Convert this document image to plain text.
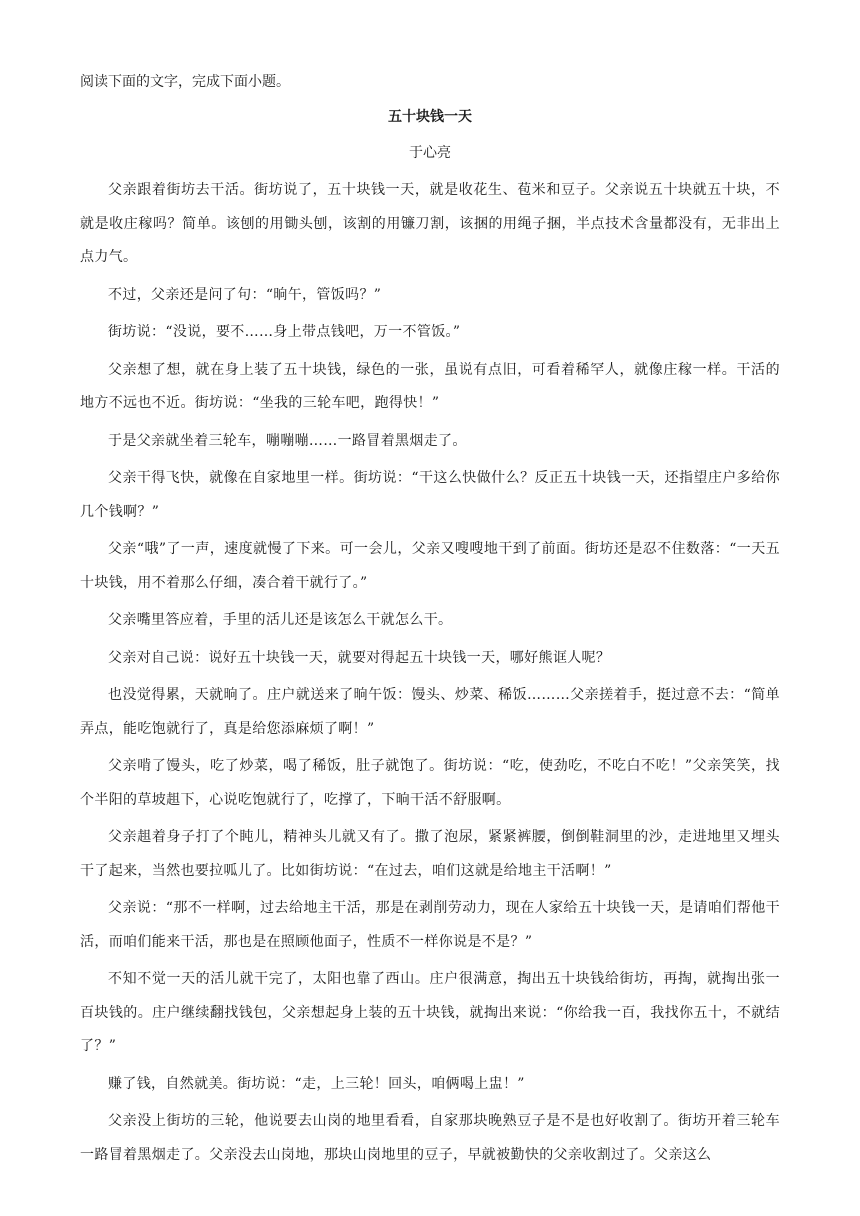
阅读下面的文字，完成下面小题。
五十块钱一天
于心亮

父亲跟着街坊去干活。街坊说了，五十块钱一天，就是收花生、苞米和豆子。父亲说五十块就五十块，不就是收庄稼吗？简单。该刨的用锄头刨，该割的用镰刀割，该捆的用绳子捆，半点技术含量都没有，无非出上点力气。

不过，父亲还是问了句：“晌午，管饭吗？”

街坊说：“没说，要不……身上带点钱吧，万一不管饭。”

父亲想了想，就在身上装了五十块钱，绿色的一张，虽说有点旧，可看着稀罕人，就像庄稼一样。干活的地方不远也不近。街坊说：“坐我的三轮车吧，跑得快！”

于是父亲就坐着三轮车，嘣嘣嘣……一路冒着黑烟走了。

父亲干得飞快，就像在自家地里一样。街坊说：“干这么快做什么？反正五十块钱一天，还指望庄户多给你几个钱啊？”

父亲“哦”了一声，速度就慢了下来。可一会儿，父亲又嗖嗖地干到了前面。街坊还是忍不住数落：“一天五十块钱，用不着那么仔细，凑合着干就行了。”

父亲嘴里答应着，手里的活儿还是该怎么干就怎么干。

父亲对自己说：说好五十块钱一天，就要对得起五十块钱一天，哪好熊诓人呢？

也没觉得累，天就晌了。庄户就送来了晌午饭：馒头、炒菜、稀饭………父亲搓着手，挺过意不去：“简单弄点，能吃饱就行了，真是给您添麻烦了啊！”

父亲啃了馒头，吃了炒菜，喝了稀饭，肚子就饱了。街坊说：“吃，使劲吃，不吃白不吃！”父亲笑笑，找个半阳的草坡趄下，心说吃饱就行了，吃撑了，下晌干活不舒服啊。

父亲趄着身子打了个盹儿，精神头儿就又有了。撒了泡尿，紧紧裤腰，倒倒鞋洞里的沙，走进地里又埋头干了起来，当然也要拉呱儿了。比如街坊说：“在过去，咱们这就是给地主干活啊！”

父亲说：“那不一样啊，过去给地主干活，那是在剥削劳动力，现在人家给五十块钱一天，是请咱们帮他干活，而咱们能来干活，那也是在照顾他面子，性质不一样你说是不是？”

不知不觉一天的活儿就干完了，太阳也靠了西山。庄户很满意，掏出五十块钱给街坊，再掏，就掏出张一百块钱的。庄户继续翻找钱包，父亲想起身上装的五十块钱，就掏出来说：“你给我一百，我找你五十，不就结了？”

赚了钱，自然就美。街坊说：“走，上三轮！回头，咱俩喝上盅！”

父亲没上街坊的三轮，他说要去山岗的地里看看，自家那块晚熟豆子是不是也好收割了。街坊开着三轮车一路冒着黑烟走了。父亲没去山岗地，那块山岗地里的豆子，早就被勤快的父亲收割过了。父亲这么
